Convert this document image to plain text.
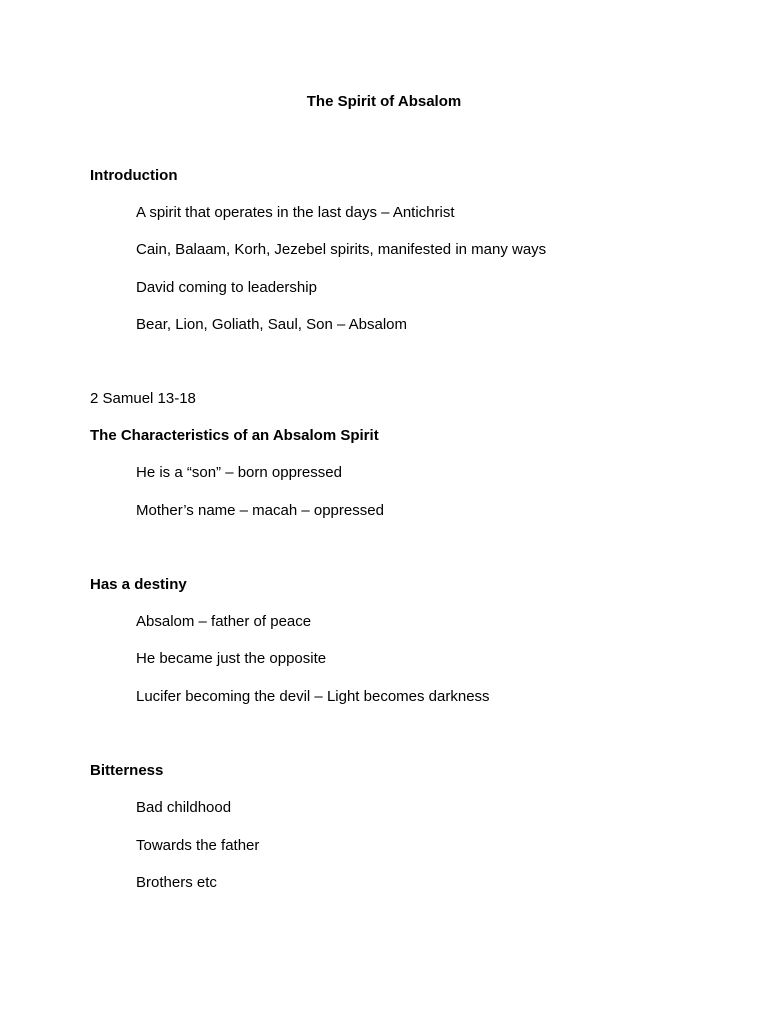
The Spirit of Absalom
Introduction
A spirit that operates in the last days – Antichrist
Cain, Balaam, Korh, Jezebel spirits, manifested in many ways
David coming to leadership
Bear, Lion, Goliath, Saul, Son – Absalom
2 Samuel 13-18
The Characteristics of an Absalom Spirit
He is a “son” – born oppressed
Mother’s name – macah – oppressed
Has a destiny
Absalom – father of peace
He became just the opposite
Lucifer becoming the devil – Light becomes darkness
Bitterness
Bad childhood
Towards the father
Brothers etc
